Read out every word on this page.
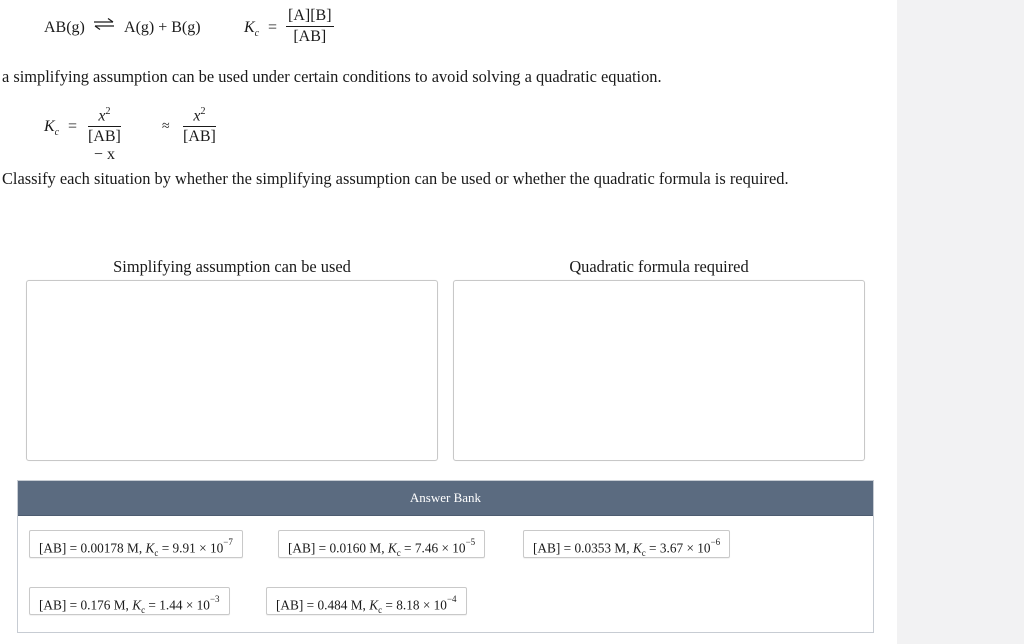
AB(g) ⇌ A(g) + B(g)	$K_c = \frac{[A][B]}{[AB]}$
a simplifying assumption can be used under certain conditions to avoid solving a quadratic equation.
$K_c = \frac{x^2}{[AB] - x}$	≈ $\frac{x^2}{[AB]}$
Classify each situation by whether the simplifying assumption can be used or whether the quadratic formula is required.
Simplifying assumption can be used	Quadratic formula required
Answer Bank
[AB] = 0.00178 M, $K_c = 9.91 \times 10^{-7}$	[AB] = 0.0160 M, $K_c = 7.46 \times 10^{-5}$	[AB] = 0.0353 M, $K_c = 3.67 \times 10^{-6}$
[AB] = 0.176 M, $K_c = 1.44 \times 10^{-3}$	[AB] = 0.484 M, $K_c = 8.18 \times 10^{-4}$
